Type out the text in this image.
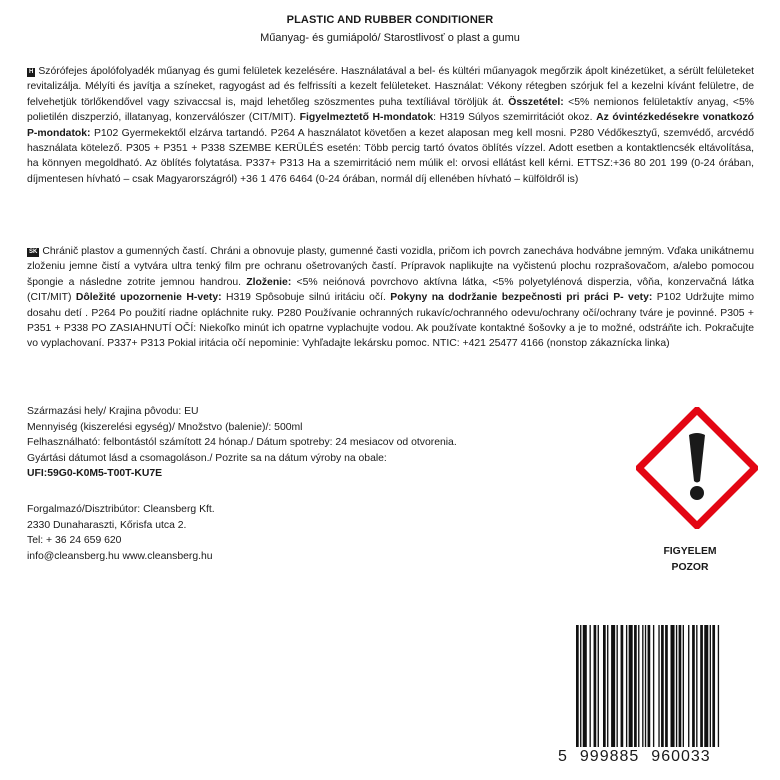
PLASTIC AND RUBBER CONDITIONER
Műanyag- és gumiápoló/ Starostlivosť o plast a gumu
H Szórófejes ápolófolyadék műanyag és gumi felületek kezelésére. Használatával a bel- és kültéri műanyagok megőrzik ápolt kinézetüket, a sérült felületeket revitalizálja. Mélyíti és javítja a színeket, ragyogást ad és felfrissíti a kezelt felületeket. Használat: Vékony rétegben szórjuk fel a kezelni kívánt felületre, de felvehetjük törlőkendővel vagy szivaccsal is, majd lehetőleg szöszmentes puha textíliával töröljük át. Összetétel: <5% nemionos felületaktív anyag, <5% polietilén diszperzió, illatanyag, konzerválószer (CIT/MIT). Figyelmeztető H-mondatok: H319 Súlyos szemirritációt okoz. Az óvintézkedésekre vonatkozó P-mondatok: P102 Gyermekektől elzárva tartandó. P264 A használatot követően a kezet alaposan meg kell mosni. P280 Védőkesztyű, szemvédő, arcvédő használata kötelező. P305 + P351 + P338 SZEMBE KERÜLÉS esetén: Több percig tartó óvatos öblítés vízzel. Adott esetben a kontaktlencsék eltávolítása, ha könnyen megoldható. Az öblítés folytatása. P337+ P313 Ha a szemirritáció nem múlik el: orvosi ellátást kell kérni. ETTSZ:+36 80 201 199 (0-24 órában, díjmentesen hívható – csak Magyarországról) +36 1 476 6464 (0-24 órában, normál díj ellenében hívható – külföldről is)
SK Chránič plastov a gumenných častí. Chráni a obnovuje plasty, gumenné časti vozidla, pričom ich povrch zanecháva hodvábne jemným. Vďaka unikátnemu zloženiu jemne čistí a vytvára ultra tenký film pre ochranu ošetrovaných častí. Prípravok naplikujte na vyčistenú plochu rozprašovačom, a/alebo pomocou špongie a následne zotrite jemnou handrou. Zloženie: <5% neiónová povrchovo aktívna látka, <5% polyetylénová disperzia, vôňa, konzervačná látka (CIT/MIT) Dôležité upozornenie H-vety: H319 Spôsobuje silnú iritáciu očí. Pokyny na dodržanie bezpečnosti pri práci P- vety: P102 Udržujte mimo dosahu detí . P264 Po použití riadne opláchnite ruky. P280 Používanie ochranných rukavíc/ochranného odevu/ochrany očí/ochrany tváre je povinné. P305 + P351 + P338 PO ZASIAHNUTÍ OČÍ: Niekoľko minút ich opatrne vyplachujte vodou. Ak používate kontaktné šošovky a je to možné, odstráňte ich. Pokračujte vo vyplachovaní. P337+ P313 Pokial iritácia očí nepominie: Vyhľadajte lekársku pomoc. NTIC: +421 25477 4166 (nonstop zákaznícka linka)
Származási hely/ Krajina pôvodu: EU
Mennyiség (kiszerelési egység)/ Množstvo (balenie)/: 500ml
Felhasználható: felbontástól számított 24 hónap./ Dátum spotreby: 24 mesiacov od otvorenia.
Gyártási dátumot lásd a csomagoláson./ Pozrite sa na dátum výroby na obale:
UFI:59G0-K0M5-T00T-KU7E
Forgalmazó/Disztribútor: Cleansberg Kft.
2330 Dunaharaszti, Kőrisfa utca 2.
Tel: + 36 24 659 620
info@cleansberg.hu www.cleansberg.hu	FIGYELEM
POZOR
5 999885 960033
